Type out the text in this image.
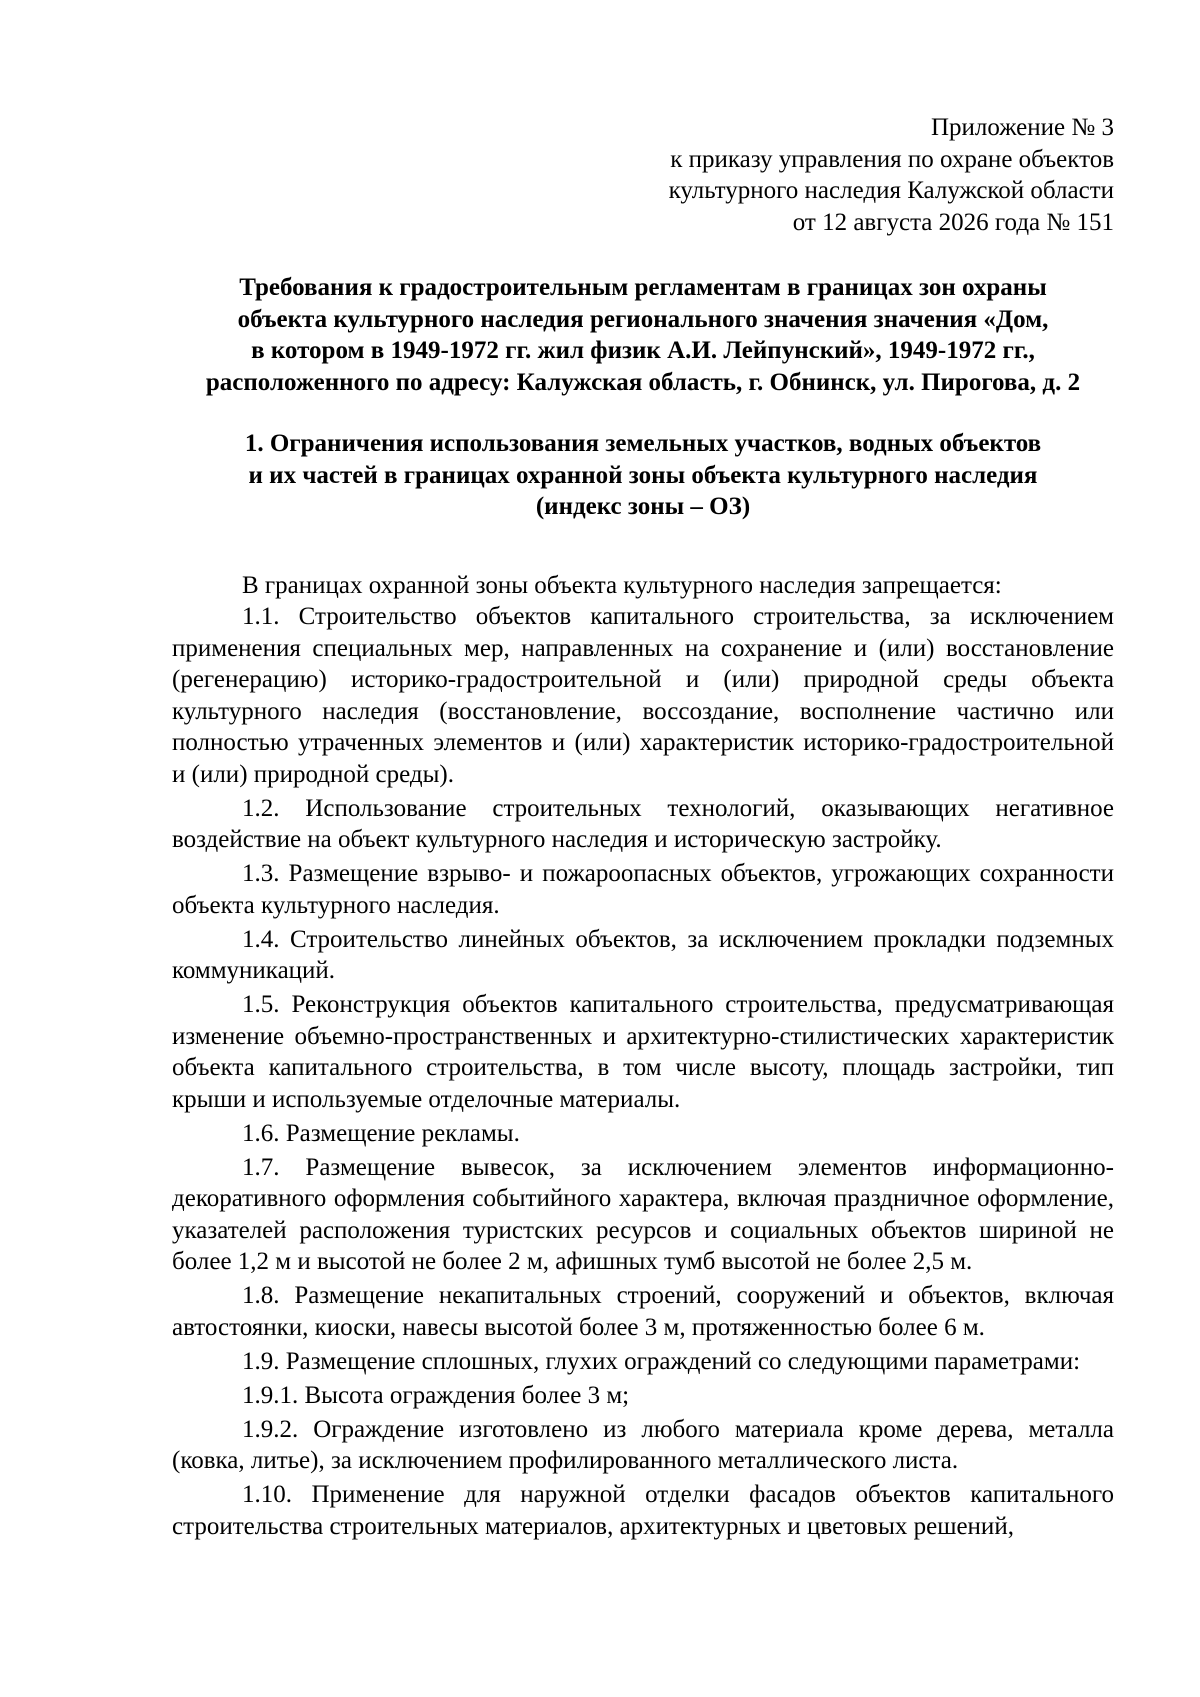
Приложение № 3
к приказу управления по охране объектов
культурного наследия Калужской области
от 12 августа 2026 года № 151
Требования к градостроительным регламентам в границах зон охраны
объекта культурного наследия регионального значения значения «Дом,
в котором в 1949-1972 гг. жил физик А.И. Лейпунский», 1949-1972 гг.,
расположенного по адресу: Калужская область, г. Обнинск, ул. Пирогова, д. 2
1. Ограничения использования земельных участков, водных объектов
и их частей в границах охранной зоны объекта культурного наследия
(индекс зоны – ОЗ)
В границах охранной зоны объекта культурного наследия запрещается:
1.1. Строительство объектов капитального строительства, за исключением применения специальных мер, направленных на сохранение и (или) восстановление (регенерацию) историко-градостроительной и (или) природной среды объекта культурного наследия (восстановление, воссоздание, восполнение частично или полностью утраченных элементов и (или) характеристик историко-градостроительной и (или) природной среды).
1.2. Использование строительных технологий, оказывающих негативное воздействие на объект культурного наследия и историческую застройку.
1.3. Размещение взрыво- и пожароопасных объектов, угрожающих сохранности объекта культурного наследия.
1.4. Строительство линейных объектов, за исключением прокладки подземных коммуникаций.
1.5. Реконструкция объектов капитального строительства, предусматривающая изменение объемно-пространственных и архитектурно-стилистических характеристик объекта капитального строительства, в том числе высоту, площадь застройки, тип крыши и используемые отделочные материалы.
1.6. Размещение рекламы.
1.7. Размещение вывесок, за исключением элементов информационно-декоративного оформления событийного характера, включая праздничное оформление, указателей расположения туристских ресурсов и социальных объектов шириной не более 1,2 м и высотой не более 2 м, афишных тумб высотой не более 2,5 м.
1.8. Размещение некапитальных строений, сооружений и объектов, включая автостоянки, киоски, навесы высотой более 3 м, протяженностью более 6 м.
1.9. Размещение сплошных, глухих ограждений со следующими параметрами:
1.9.1. Высота ограждения более 3 м;
1.9.2. Ограждение изготовлено из любого материала кроме дерева, металла (ковка, литье), за исключением профилированного металлического листа.
1.10. Применение для наружной отделки фасадов объектов капитального строительства строительных материалов, архитектурных и цветовых решений,
